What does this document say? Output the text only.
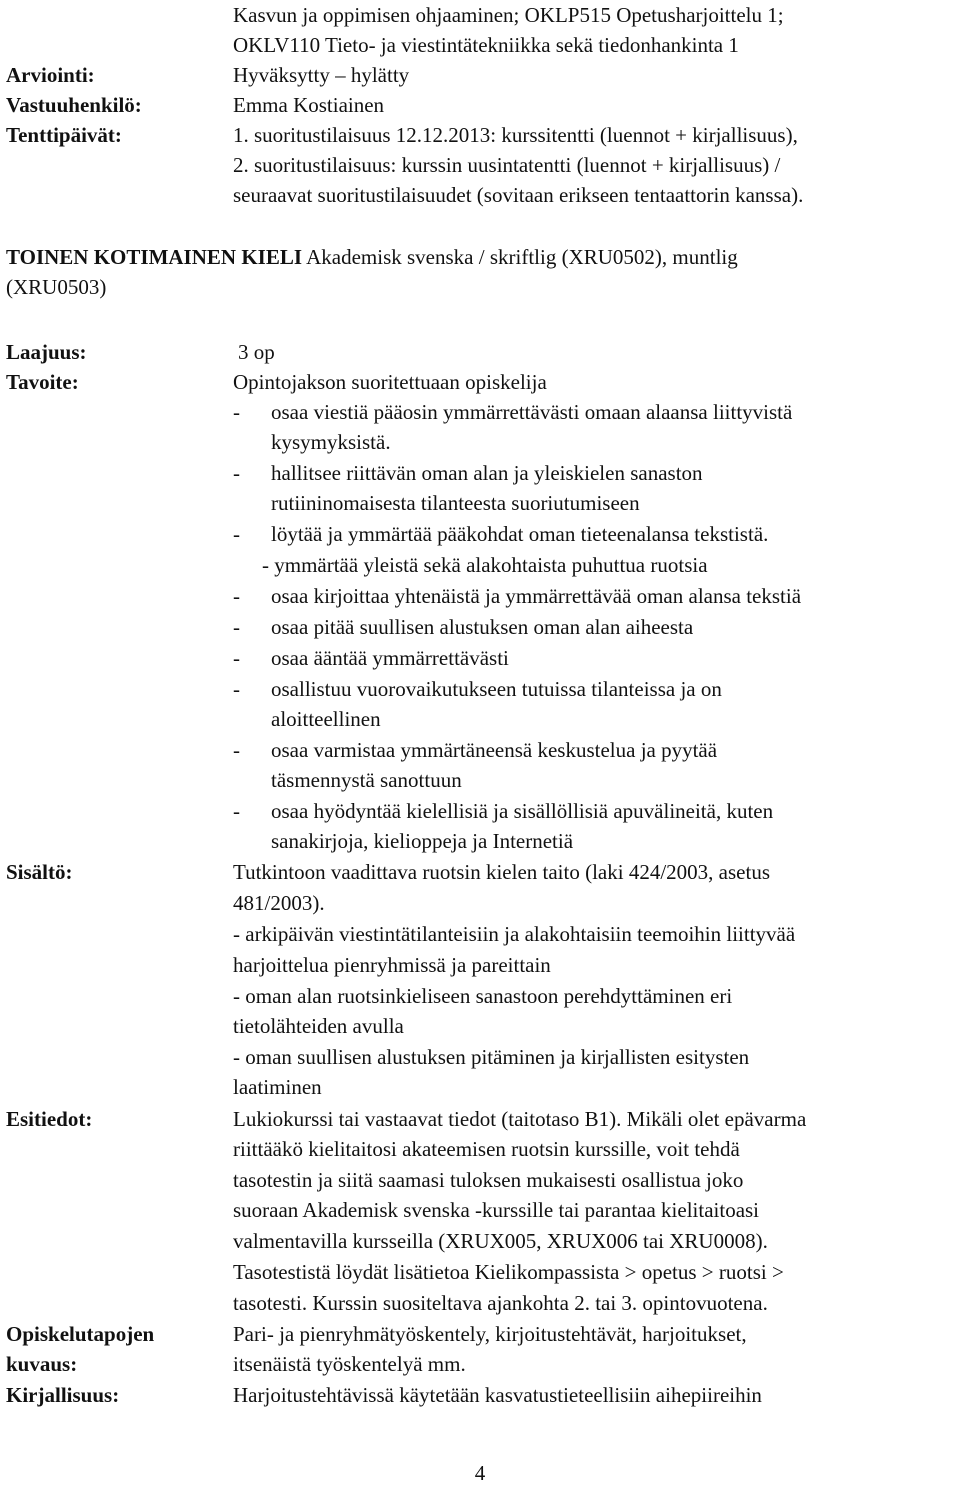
Kasvun ja oppimisen ohjaaminen; OKLP515 Opetusharjoittelu 1;
OKLV110 Tieto- ja viestintätekniikka sekä tiedonhankinta 1
Arviointi:	Hyväksytty – hylätty
Vastuuhenkilö:	Emma Kostiainen
Tenttipäivät:	1. suoritustilaisuus 12.12.2013: kurssitentti (luennot + kirjallisuus),
2. suoritustilaisuus: kurssin uusintatentti (luennot + kirjallisuus) /
seuraavat suoritustilaisuudet (sovitaan erikseen tentaattorin kanssa).
TOINEN KOTIMAINEN KIELI Akademisk svenska / skriftlig (XRU0502), muntlig
(XRU0503)
Laajuus:	3 op
Tavoite:	Opintojakson suoritettuaan opiskelija
- osaa viestiä pääosin ymmärrettävästi omaan alaansa liittyvistä
kysymyksistä.
- hallitsee riittävän oman alan ja yleiskielen sanaston
rutiininomaisesta tilanteesta suoriutumiseen
- löytää ja ymmärtää pääkohdat oman tieteenalansa tekstistä.
- ymmärtää yleistä sekä alakohtaista puhuttua ruotsia
- osaa kirjoittaa yhtenäistä ja ymmärrettävää oman alansa tekstiä
- osaa pitää suullisen alustuksen oman alan aiheesta
- osaa ääntää ymmärrettävästi
- osallistuu vuorovaikutukseen tutuissa tilanteissa ja on
aloitteellinen
- osaa varmistaa ymmärtäneensä keskustelua ja pyytää
täsmennystä sanottuun
- osaa hyödyntää kielellisiä ja sisällöllisiä apuvälineitä, kuten
sanakirjoja, kielioppeja ja Internetiä
Sisältö:	Tutkintoon vaadittava ruotsin kielen taito (laki 424/2003, asetus
481/2003).
- arkipäivän viestintätilanteisiin ja alakohtaisiin teemoihin liittyvää
harjoittelua pienryhmissä ja pareittain
- oman alan ruotsinkieliseen sanastoon perehdyttäminen eri
tietolähteiden avulla
- oman suullisen alustuksen pitäminen ja kirjallisten esitysten
laatiminen
Esitiedot:	Lukiokurssi tai vastaavat tiedot (taitotaso B1). Mikäli olet epävarma
riittääkö kielitaitosi akateemisen ruotsin kurssille, voit tehdä
tasotestin ja siitä saamasi tuloksen mukaisesti osallistua joko
suoraan Akademisk svenska -kurssille tai parantaa kielitaitoasi
valmentavilla kursseilla (XRUX005, XRUX006 tai XRU0008).
Tasotestistä löydät lisätietoa Kielikompassista > opetus > ruotsi >
tasotesti. Kurssin suositeltava ajankohta 2. tai 3. opintovuotena.
Opiskelutapojen	Pari- ja pienryhmätyöskentely, kirjoitustehtävät, harjoitukset,
kuvaus:	itsenäistä työskentelyä mm.
Kirjallisuus:	Harjoitustehtävissä käytetään kasvatustieteellisiin aihepiireihin
4
